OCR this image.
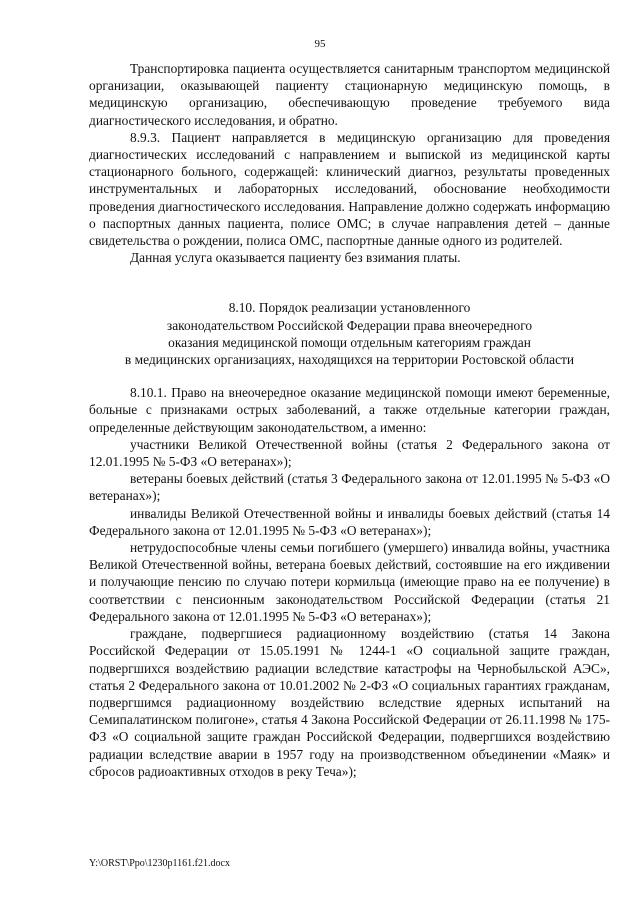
95

Транспортировка пациента осуществляется санитарным транспортом медицинской организации, оказывающей пациенту стационарную медицинскую помощь, в медицинскую организацию, обеспечивающую проведение требуемого вида диагностического исследования, и обратно.

8.9.3. Пациент направляется в медицинскую организацию для проведения диагностических исследований с направлением и выпиской из медицинской карты стационарного больного, содержащей: клинический диагноз, результаты проведенных инструментальных и лабораторных исследований, обоснование необходимости проведения диагностического исследования. Направление должно содержать информацию о паспортных данных пациента, полисе ОМС; в случае направления детей – данные свидетельства о рождении, полиса ОМС, паспортные данные одного из родителей.

Данная услуга оказывается пациенту без взимания платы.

8.10. Порядок реализации установленного
законодательством Российской Федерации права внеочередного
оказания медицинской помощи отдельным категориям граждан
в медицинских организациях, находящихся на территории Ростовской области

8.10.1. Право на внеочередное оказание медицинской помощи имеют беременные, больные с признаками острых заболеваний, а также отдельные категории граждан, определенные действующим законодательством, а именно:

участники Великой Отечественной войны (статья 2 Федерального закона от 12.01.1995 № 5-ФЗ «О ветеранах»);

ветераны боевых действий (статья 3 Федерального закона от 12.01.1995 № 5-ФЗ «О ветеранах»);

инвалиды Великой Отечественной войны и инвалиды боевых действий (статья 14 Федерального закона от 12.01.1995 № 5-ФЗ «О ветеранах»);

нетрудоспособные члены семьи погибшего (умершего) инвалида войны, участника Великой Отечественной войны, ветерана боевых действий, состоявшие на его иждивении и получающие пенсию по случаю потери кормильца (имеющие право на ее получение) в соответствии с пенсионным законодательством Российской Федерации (статья 21 Федерального закона от 12.01.1995 № 5-ФЗ «О ветеранах»);

граждане, подвергшиеся радиационному воздействию (статья 14 Закона Российской Федерации от 15.05.1991 № 1244-1 «О социальной защите граждан, подвергшихся воздействию радиации вследствие катастрофы на Чернобыльской АЭС», статья 2 Федерального закона от 10.01.2002 № 2-ФЗ «О социальных гарантиях гражданам, подвергшимся радиационному воздействию вследствие ядерных испытаний на Семипалатинском полигоне», статья 4 Закона Российской Федерации от 26.11.1998 № 175-ФЗ «О социальной защите граждан Российской Федерации, подвергшихся воздействию радиации вследствие аварии в 1957 году на производственном объединении «Маяк» и сбросов радиоактивных отходов в реку Теча»);

Y:\ORST\Ppo\1230p1161.f21.docx
